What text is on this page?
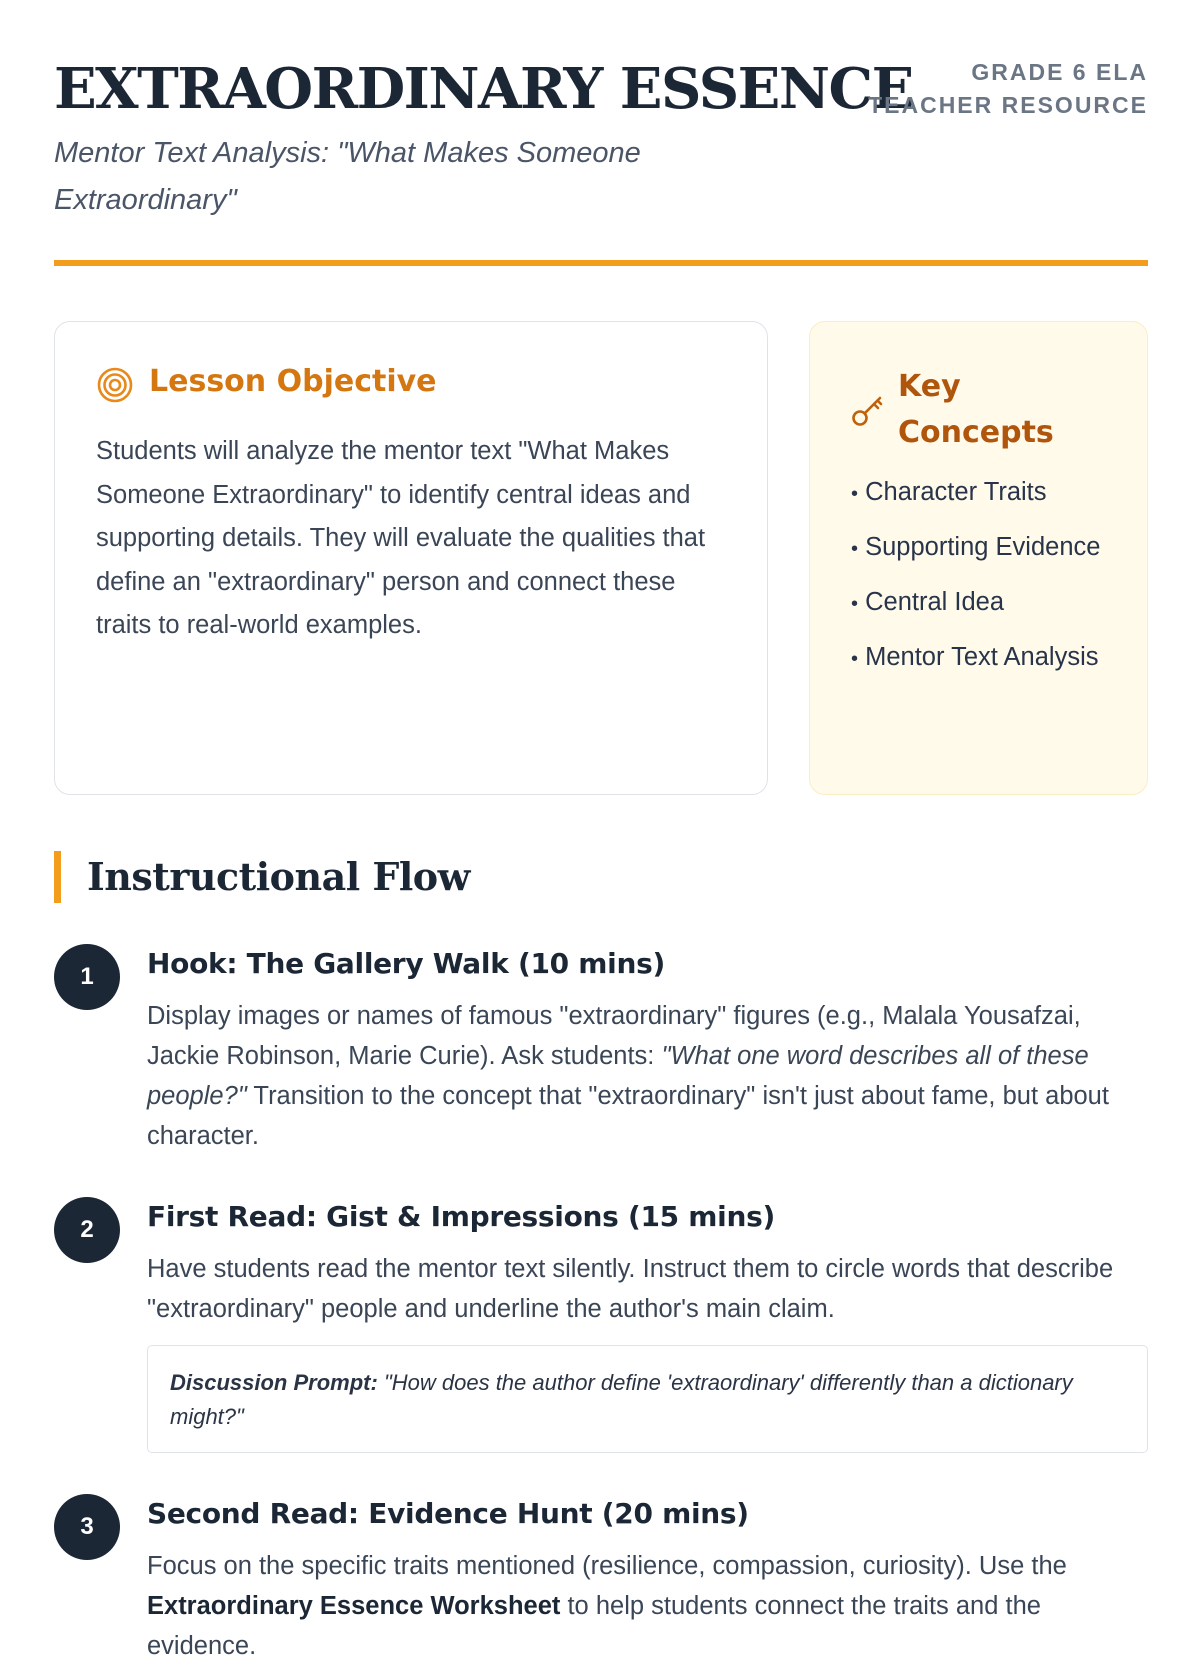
EXTRAORDINARY ESSENCE
Mentor Text Analysis: "What Makes Someone Extraordinary"
GRADE 6 ELA
TEACHER RESOURCE
Lesson Objective

Students will analyze the mentor text "What Makes Someone Extraordinary" to identify central ideas and supporting details. They will evaluate the qualities that define an "extraordinary" person and connect these traits to real-world examples.

Key Concepts
• Character Traits
• Supporting Evidence
• Central Idea
• Mentor Text Analysis
Instructional Flow
1	Hook: The Gallery Walk (10 mins)

Display images or names of famous "extraordinary" figures (e.g., Malala Yousafzai, Jackie Robinson, Marie Curie). Ask students: "What one word describes all of these people?" Transition to the concept that "extraordinary" isn't just about fame, but about character.

2	First Read: Gist & Impressions (15 mins)

Have students read the mentor text silently. Instruct them to circle words that describe "extraordinary" people and underline the author's main claim.

Discussion Prompt: "How does the author define 'extraordinary' differently than a dictionary might?"

3	Second Read: Evidence Hunt (20 mins)

Focus on the specific traits mentioned (resilience, compassion, curiosity). Use the Extraordinary Essence Worksheet to help students connect the traits and the evidence.
